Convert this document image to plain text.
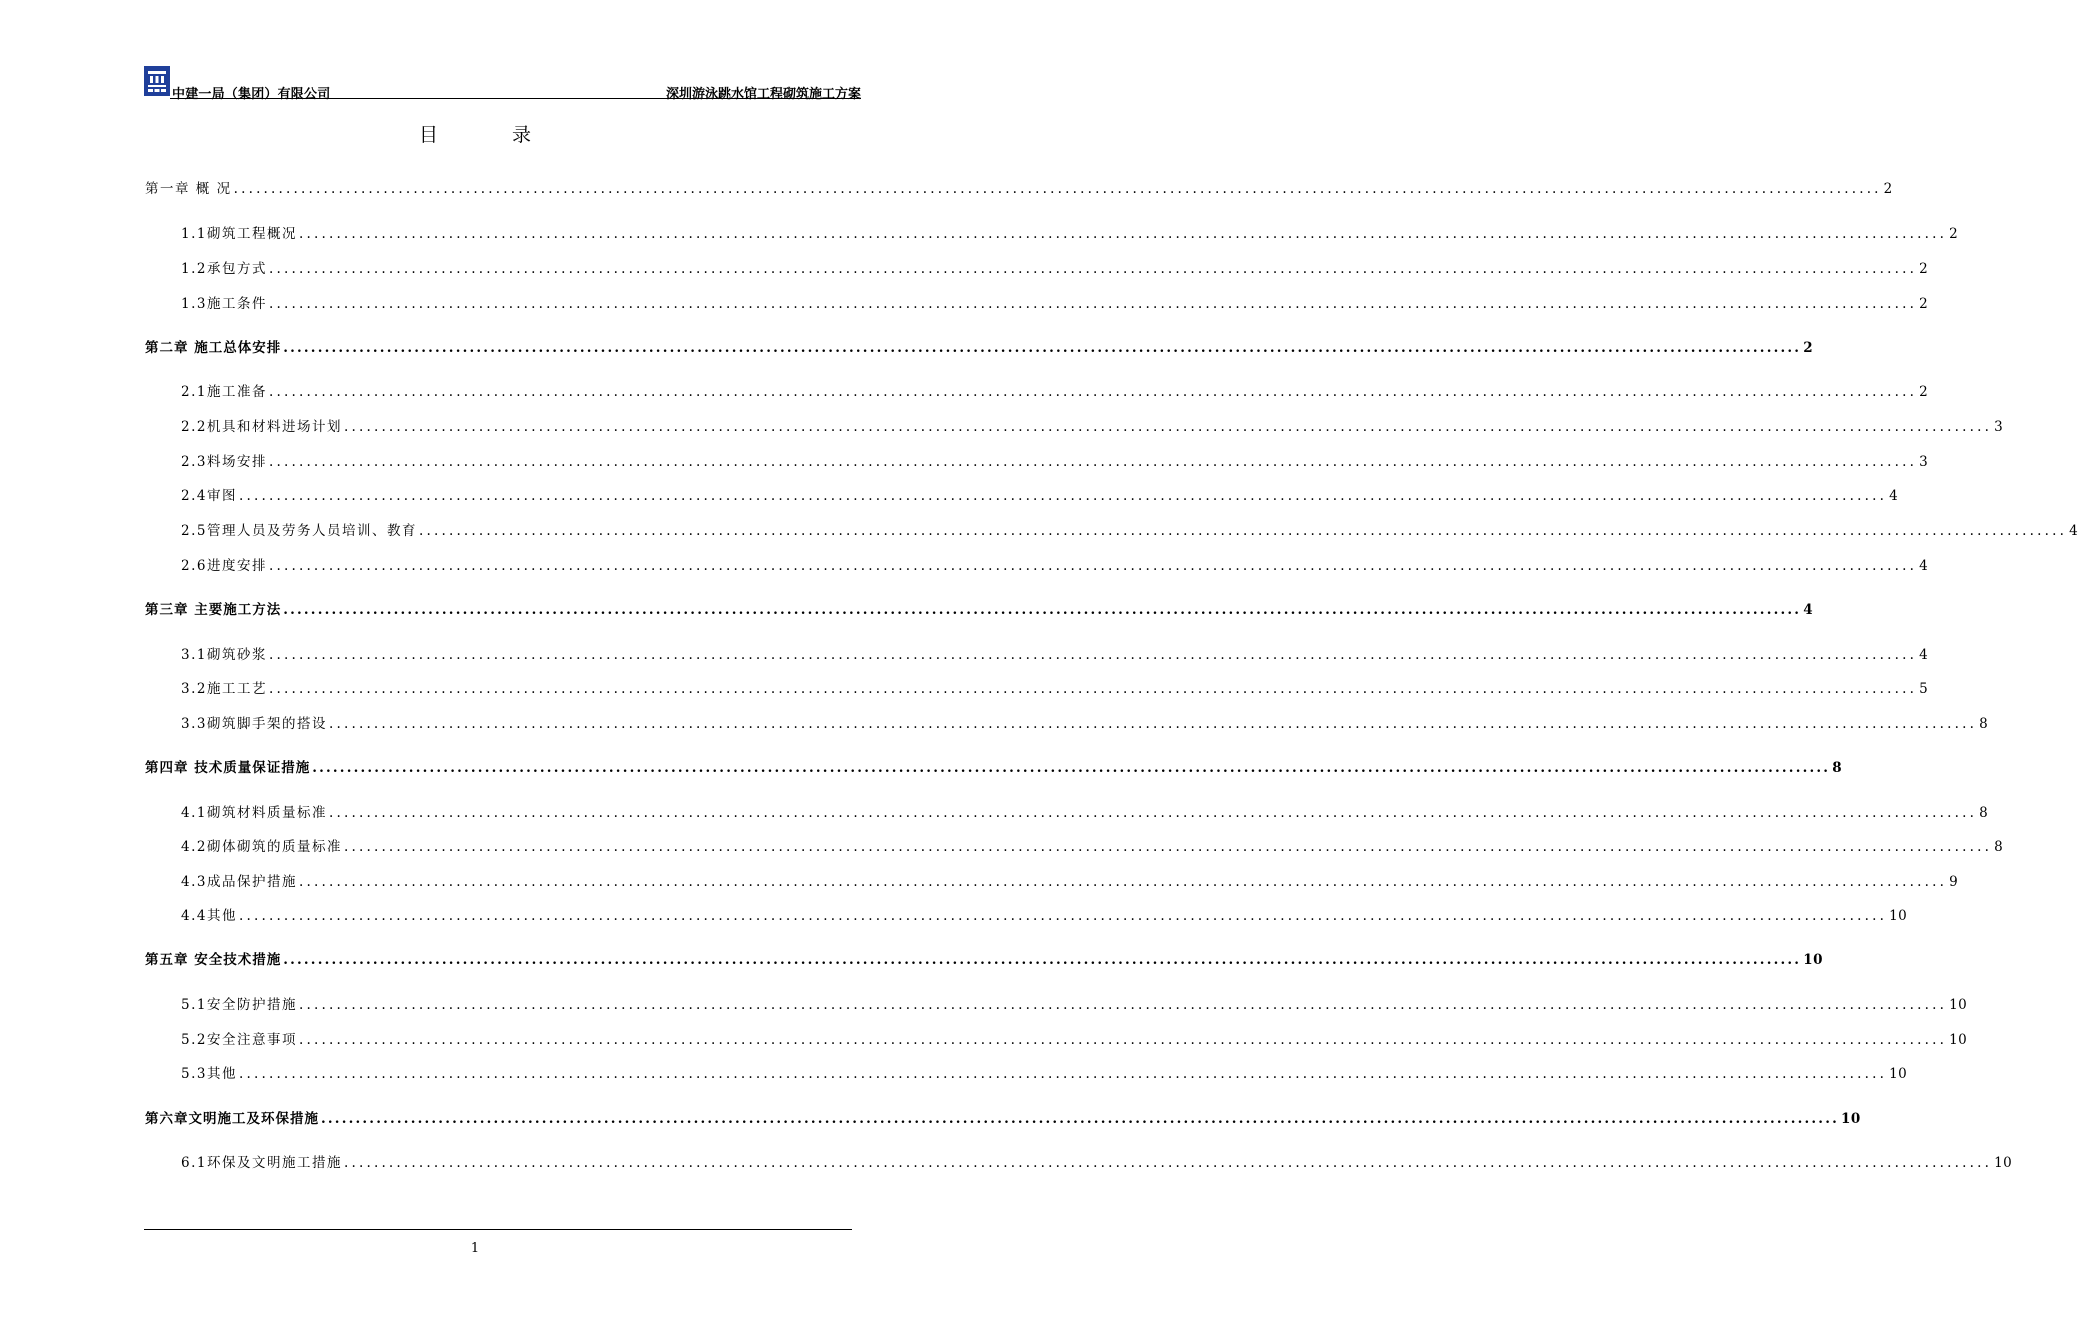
中建一局（集团）有限公司	深圳游泳跳水馆工程砌筑施工方案
目 录
第一章 概 况 ............................................................................................................................................................................................................................ 2
1.1砌筑工程概况 ............................................................................................................................................................................................................................ 2
1.2承包方式 ............................................................................................................................................................................................................................ 2
1.3施工条件 ............................................................................................................................................................................................................................ 2
第二章 施工总体安排 ............................................................................................................................................................................................................................ 2
2.1施工准备 ............................................................................................................................................................................................................................ 2
2.2机具和材料进场计划 ............................................................................................................................................................................................................................ 3
2.3料场安排 ............................................................................................................................................................................................................................ 3
2.4审图 ............................................................................................................................................................................................................................ 4
2.5管理人员及劳务人员培训、教育 ............................................................................................................................................................................................................................ 4
2.6进度安排 ............................................................................................................................................................................................................................ 4
第三章 主要施工方法 ............................................................................................................................................................................................................................ 4
3.1砌筑砂浆 ............................................................................................................................................................................................................................ 4
3.2施工工艺 ............................................................................................................................................................................................................................ 5
3.3砌筑脚手架的搭设 ............................................................................................................................................................................................................................ 8
第四章 技术质量保证措施 ............................................................................................................................................................................................................................ 8
4.1砌筑材料质量标准 ............................................................................................................................................................................................................................ 8
4.2砌体砌筑的质量标准 ............................................................................................................................................................................................................................ 8
4.3成品保护措施 ............................................................................................................................................................................................................................ 9
4.4其他 ............................................................................................................................................................................................................................ 10
第五章 安全技术措施 ............................................................................................................................................................................................................................ 10
5.1安全防护措施 ............................................................................................................................................................................................................................ 10
5.2安全注意事项 ............................................................................................................................................................................................................................ 10
5.3其他 ............................................................................................................................................................................................................................ 10
第六章文明施工及环保措施 ............................................................................................................................................................................................................................ 10
6.1环保及文明施工措施 ............................................................................................................................................................................................................................ 10
1
